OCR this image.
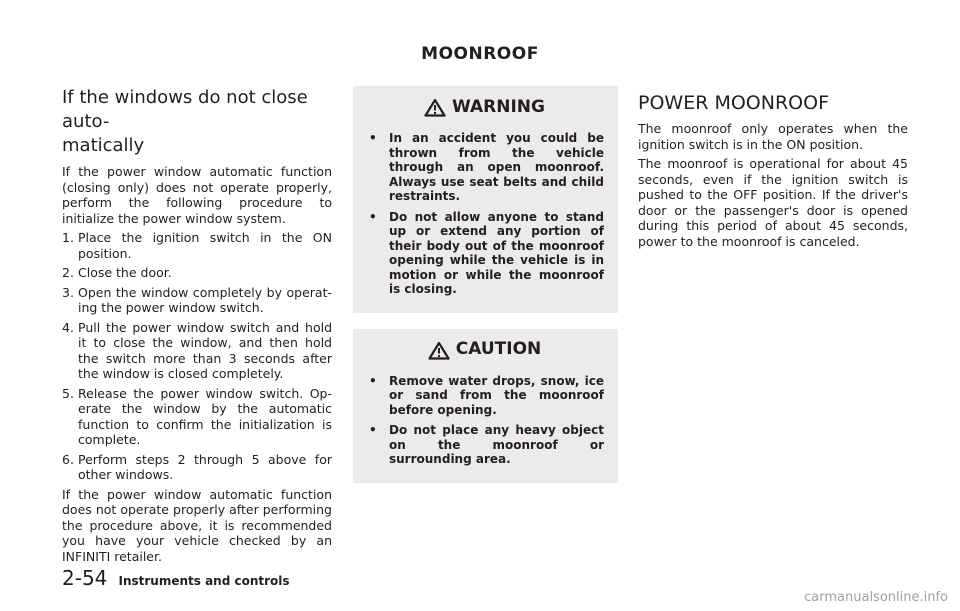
MOONROOF
If the windows do not close auto-
matically

If the power window automatic function (closing only) does not operate properly, perform the following procedure to initialize the power window system.

1. Place the ignition switch in the ON position.
2. Close the door.
3. Open the window completely by operat-ing the power window switch.
4. Pull the power window switch and hold it to close the window, and then hold the switch more than 3 seconds after the window is closed completely.
5. Release the power window switch. Op-erate the window by the automatic function to confirm the initialization is complete.
6. Perform steps 2 through 5 above for other windows.

If the power window automatic function does not operate properly after performing the procedure above, it is recommended you have your vehicle checked by an INFINITI retailer.

WARNING
• In an accident you could be thrown from the vehicle through an open moonroof. Always use seat belts and child restraints.
• Do not allow anyone to stand up or extend any portion of their body out of the moonroof opening while the vehicle is in motion or while the moonroof is closing.
CAUTION
• Remove water drops, snow, ice or sand from the moonroof before opening.
• Do not place any heavy object on the moonroof or surrounding area.
POWER MOONROOF

The moonroof only operates when the ignition switch is in the ON position.

The moonroof is operational for about 45 seconds, even if the ignition switch is pushed to the OFF position. If the driver's door or the passenger's door is opened during this period of about 45 seconds, power to the moonroof is canceled.

2-54 Instruments and controls
carmanualsonline.info
